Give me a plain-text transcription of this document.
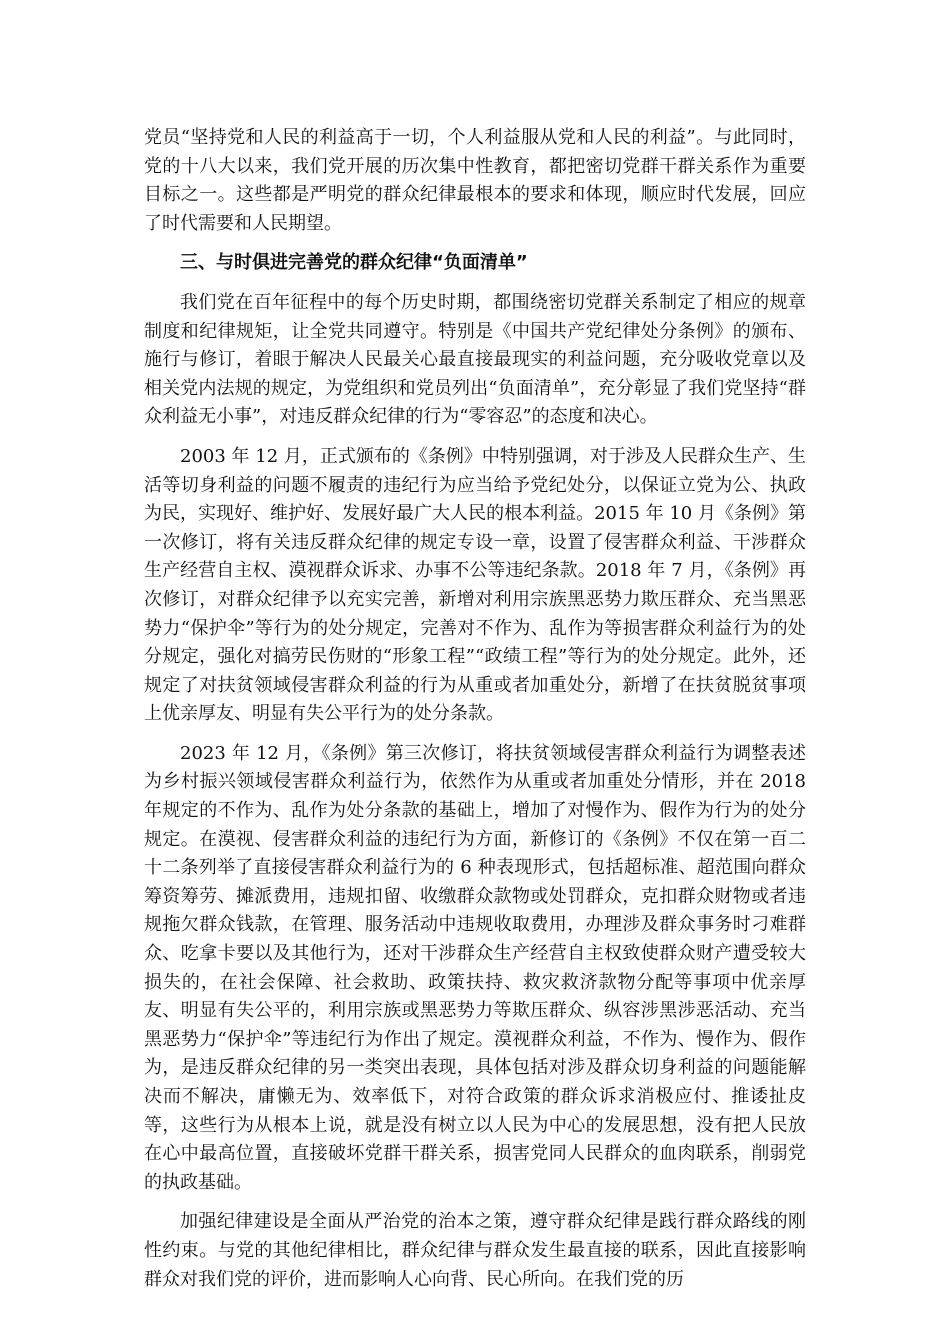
党员“坚持党和人民的利益高于一切，个人利益服从党和人民的利益”。与此同时，党的十八大以来，我们党开展的历次集中性教育，都把密切党群干群关系作为重要目标之一。这些都是严明党的群众纪律最根本的要求和体现，顺应时代发展，回应了时代需要和人民期望。

三、与时俱进完善党的群众纪律“负面清单”

我们党在百年征程中的每个历史时期，都围绕密切党群关系制定了相应的规章制度和纪律规矩，让全党共同遵守。特别是《中国共产党纪律处分条例》的颁布、施行与修订，着眼于解决人民最关心最直接最现实的利益问题，充分吸收党章以及相关党内法规的规定，为党组织和党员列出“负面清单”，充分彰显了我们党坚持“群众利益无小事”，对违反群众纪律的行为“零容忍”的态度和决心。

2003 年 12 月，正式颁布的《条例》中特别强调，对于涉及人民群众生产、生活等切身利益的问题不履责的违纪行为应当给予党纪处分，以保证立党为公、执政为民，实现好、维护好、发展好最广大人民的根本利益。2015 年 10 月《条例》第一次修订，将有关违反群众纪律的规定专设一章，设置了侵害群众利益、干涉群众生产经营自主权、漠视群众诉求、办事不公等违纪条款。2018 年 7 月，《条例》再次修订，对群众纪律予以充实完善，新增对利用宗族黑恶势力欺压群众、充当黑恶势力“保护伞”等行为的处分规定，完善对不作为、乱作为等损害群众利益行为的处分规定，强化对搞劳民伤财的“形象工程”“政绩工程”等行为的处分规定。此外，还规定了对扶贫领域侵害群众利益的行为从重或者加重处分，新增了在扶贫脱贫事项上优亲厚友、明显有失公平行为的处分条款。

2023 年 12 月，《条例》第三次修订，将扶贫领域侵害群众利益行为调整表述为乡村振兴领域侵害群众利益行为，依然作为从重或者加重处分情形，并在 2018 年规定的不作为、乱作为处分条款的基础上，增加了对慢作为、假作为行为的处分规定。在漠视、侵害群众利益的违纪行为方面，新修订的《条例》不仅在第一百二十二条列举了直接侵害群众利益行为的 6 种表现形式，包括超标准、超范围向群众筹资筹劳、摊派费用，违规扣留、收缴群众款物或处罚群众，克扣群众财物或者违规拖欠群众钱款，在管理、服务活动中违规收取费用，办理涉及群众事务时刁难群众、吃拿卡要以及其他行为，还对干涉群众生产经营自主权致使群众财产遭受较大损失的，在社会保障、社会救助、政策扶持、救灾救济款物分配等事项中优亲厚友、明显有失公平的，利用宗族或黑恶势力等欺压群众、纵容涉黑涉恶活动、充当黑恶势力“保护伞”等违纪行为作出了规定。漠视群众利益，不作为、慢作为、假作为，是违反群众纪律的另一类突出表现，具体包括对涉及群众切身利益的问题能解决而不解决，庸懒无为、效率低下，对符合政策的群众诉求消极应付、推诿扯皮等，这些行为从根本上说，就是没有树立以人民为中心的发展思想，没有把人民放在心中最高位置，直接破坏党群干群关系，损害党同人民群众的血肉联系，削弱党的执政基础。

加强纪律建设是全面从严治党的治本之策，遵守群众纪律是践行群众路线的刚性约束。与党的其他纪律相比，群众纪律与群众发生最直接的联系，因此直接影响群众对我们党的评价，进而影响人心向背、民心所向。在我们党的历
